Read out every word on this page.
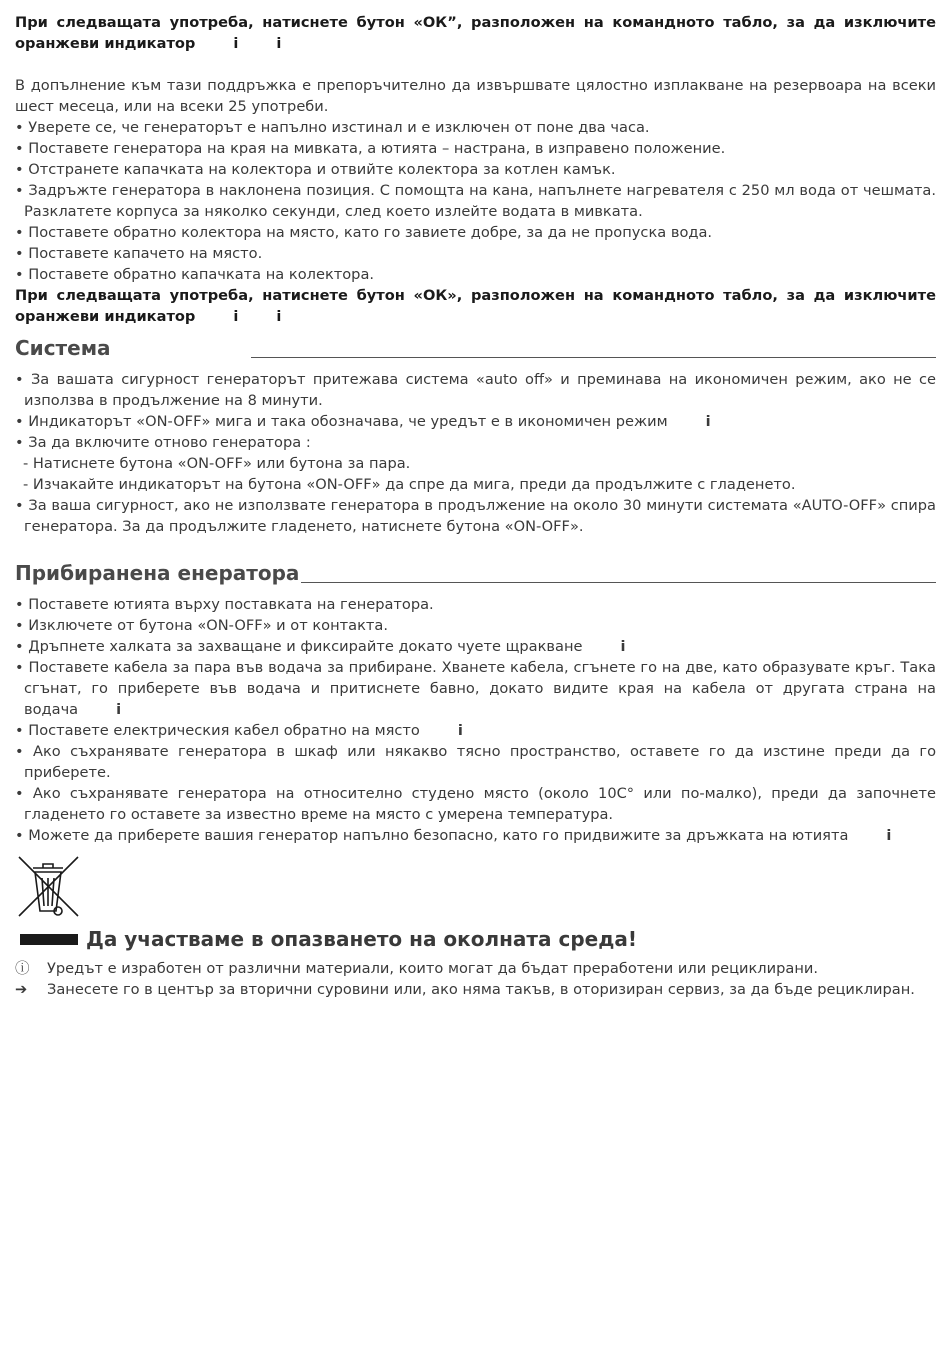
При следващата употреба, натиснете бутон «ОК”, разположен на командното табло, за да изключите оранжеви индикатор	i	i

В допълнение към тази поддръжка е препоръчително да извършвате цялостно изплакване на резервоара на всеки шест месеца, или на всеки 25 употреби.

• Уверете се, че генераторът е напълно изстинал и е изключен от поне два часа.
• Поставете генератора на края на мивката, а ютията – настрана, в изправено положение.
• Отстранете капачката на колектора и отвийте колектора за котлен камък.
• Задръжте генератора в наклонена позиция. С помощта на кана, напълнете нагревателя с 250 мл вода от чешмата. Разклатете корпуса за няколко секунди, след което излейте водата в мивката.
• Поставете обратно колектора на място, като го завиете добре, за да не пропуска вода.
• Поставете капачето на място.
• Поставете обратно капачката на колектора.

При следващата употреба, натиснете бутон «ОК», разположен на командното табло, за да изключите оранжеви индикатор	i	i

Система
• За вашата сигурност генераторът притежава система «auto off» и преминава на икономичен режим, ако не се използва в продължение на 8 минути.
• Индикаторът «ON-OFF» мига и така обозначава, че уредът е в икономичен режим	i
• За да включите отново генератора :

- Натиснете бутона «ON-OFF» или бутона за пара.

- Изчакайте индикаторът на бутона «ON-OFF» да спре да мига, преди да продължите с гладенето.

• За ваша сигурност, ако не използвате генератора в продължение на около 30 минути системата «AUTO-OFF» спира генератора. За да продължите гладенето, натиснете бутона «ON-OFF».
Прибиранена енератора
• Поставете ютията върху поставката на генератора.
• Изключете от бутона «ON-OFF» и от контакта.
• Дръпнете халката за захващане и фиксирайте докато чуете щракване	i
• Поставете кабела за пара във водача за прибиране. Хванете кабела, сгънете го на две, като образувате кръг. Така сгънат, го приберете във водача и притиснете бавно, докато видите края на кабела от другата страна на водача	i
• Поставете електрическия кабел обратно на място	i
• Ако съхранявате генератора в шкаф или някакво тясно пространство, оставете го да изстине преди да го приберете.
• Ако съхранявате генератора на относително студено място (около 10C° или по-малко), преди да започнете гладенето го оставете за известно време на място с умерена температура.
• Можете да приберете вашия генератор напълно безопасно, като го придвижите за дръжката на ютията	i
Да участваме в опазването на околната среда!
ⓘ	Уредът е изработен от различни материали, които могат да бъдат преработени или рециклирани.
➔	Занесете го в център за вторични суровини или, ако няма такъв, в оторизиран сервиз, за да бъде рециклиран.
